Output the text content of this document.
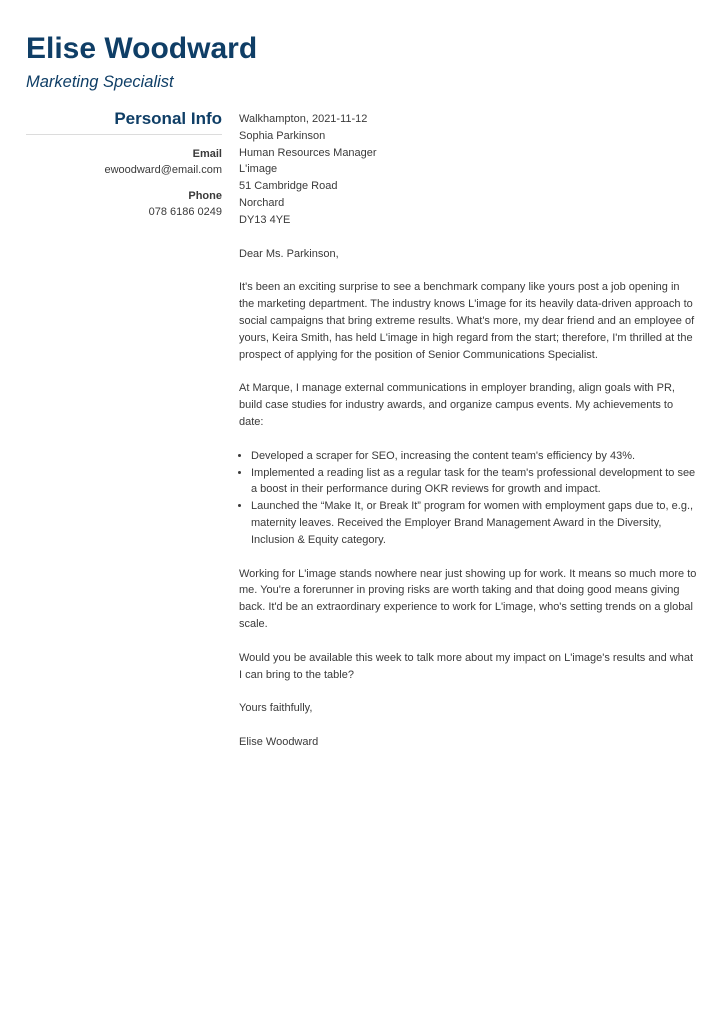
Elise Woodward
Marketing Specialist
Personal Info
Email
ewoodward@email.com
Phone
078 6186 0249
Walkhampton, 2021-11-12
Sophia Parkinson
Human Resources Manager
L'image
51 Cambridge Road
Norchard
DY13 4YE

Dear Ms. Parkinson,

It's been an exciting surprise to see a benchmark company like yours post a job opening in the marketing department. The industry knows L'image for its heavily data-driven approach to social campaigns that bring extreme results. What's more, my dear friend and an employee of yours, Keira Smith, has held L'image in high regard from the start; therefore, I'm thrilled at the prospect of applying for the position of Senior Communications Specialist.

At Marque, I manage external communications in employer branding, align goals with PR, build case studies for industry awards, and organize campus events. My achievements to date:

• Developed a scraper for SEO, increasing the content team's efficiency by 43%.
• Implemented a reading list as a regular task for the team's professional development to see a boost in their performance during OKR reviews for growth and impact.
• Launched the “Make It, or Break It” program for women with employment gaps due to, e.g., maternity leaves. Received the Employer Brand Management Award in the Diversity, Inclusion & Equity category.

Working for L'image stands nowhere near just showing up for work. It means so much more to me. You're a forerunner in proving risks are worth taking and that doing good means giving back. It'd be an extraordinary experience to work for L'image, who's setting trends on a global scale.

Would you be available this week to talk more about my impact on L'image's results and what I can bring to the table?

Yours faithfully,

Elise Woodward
